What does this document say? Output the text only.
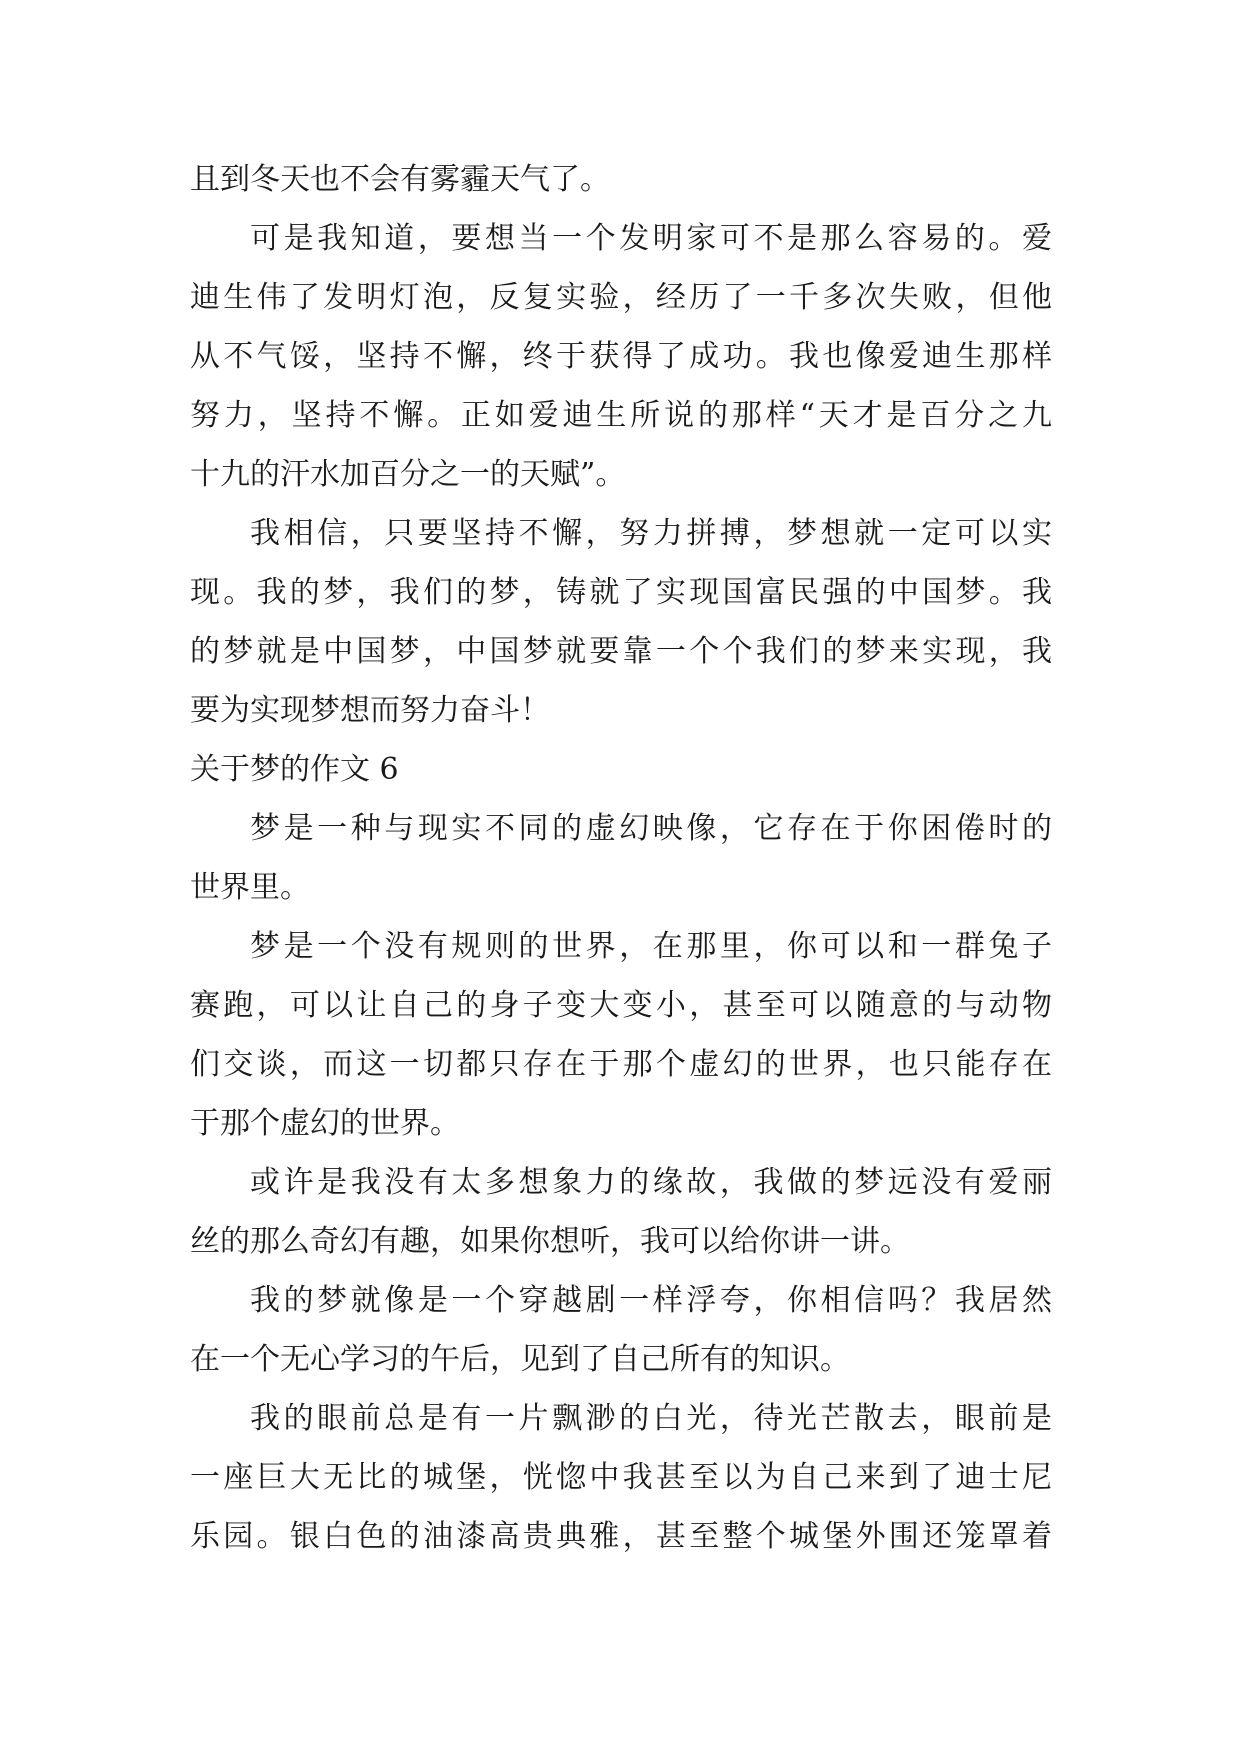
且到冬天也不会有雾霾天气了。
可是我知道，要想当一个发明家可不是那么容易的。爱
迪生伟了发明灯泡，反复实验，经历了一千多次失败，但他
从不气馁，坚持不懈，终于获得了成功。我也像爱迪生那样
努力，坚持不懈。正如爱迪生所说的那样“天才是百分之九
十九的汗水加百分之一的天赋”。
我相信，只要坚持不懈，努力拼搏，梦想就一定可以实
现。我的梦，我们的梦，铸就了实现国富民强的中国梦。我
的梦就是中国梦，中国梦就要靠一个个我们的梦来实现，我
要为实现梦想而努力奋斗！
关于梦的作文 6
梦是一种与现实不同的虚幻映像，它存在于你困倦时的
世界里。
梦是一个没有规则的世界，在那里，你可以和一群兔子
赛跑，可以让自己的身子变大变小，甚至可以随意的与动物
们交谈，而这一切都只存在于那个虚幻的世界，也只能存在
于那个虚幻的世界。
或许是我没有太多想象力的缘故，我做的梦远没有爱丽
丝的那么奇幻有趣，如果你想听，我可以给你讲一讲。
我的梦就像是一个穿越剧一样浮夸，你相信吗？我居然
在一个无心学习的午后，见到了自己所有的知识。
我的眼前总是有一片飘渺的白光，待光芒散去，眼前是
一座巨大无比的城堡，恍惚中我甚至以为自己来到了迪士尼
乐园。银白色的油漆高贵典雅，甚至整个城堡外围还笼罩着
